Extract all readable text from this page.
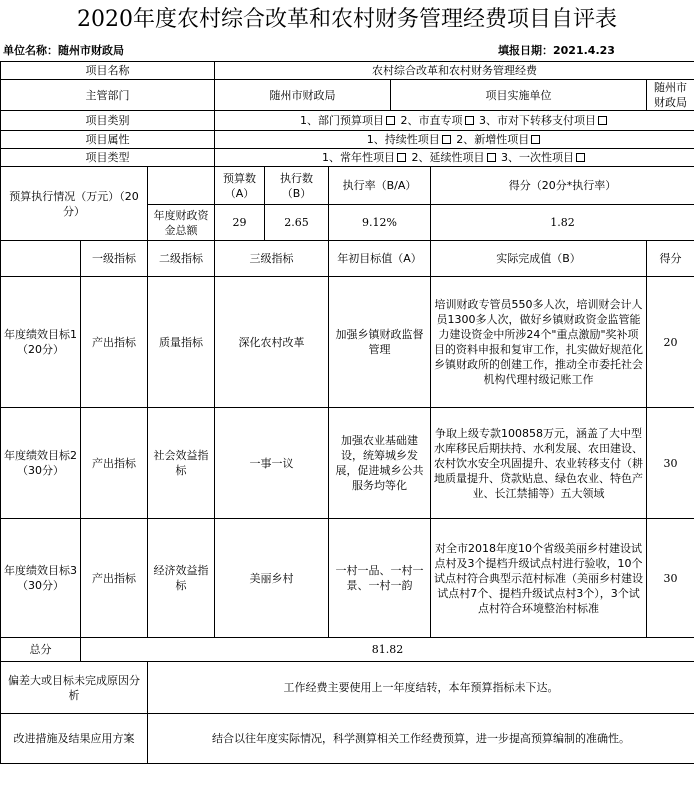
2020年度农村综合改革和农村财务管理经费项目自评表
单位名称：随州市财政局	填报日期：2021.4.23
项目名称			农村综合改革和农村财务管理经费					
主管部门			随州市财政局			项目实施单位		随州市财政局
项目类别			1、部门预算项目 2、市直专项 3、市对下转移支付项目					
项目属性			1、持续性项目 2、新增性项目					
项目类型			1、常年性项目 2、延续性项目 3、一次性项目					
预算执行情况（万元）（20分）			预算数（A）	执行数（B）	执行率（B/A）		得分（20分*执行率）	
		年度财政资金总额	29	2.65	9.12%		1.82	
	一级指标	二级指标	三级指标		年初目标值（A）		实际完成值（B）	得分
年度绩效目标1（20分）	产出指标	质量指标	深化农村改革		加强乡镇财政监督管理		培训财政专管员550多人次，培训财会计人员1300多人次，做好乡镇财政资金监管能力建设资金中所涉24个"重点激励"奖补项目的资料申报和复审工作，扎实做好规范化乡镇财政所的创建工作，推动全市委托社会机构代理村级记账工作	20
年度绩效目标2（30分）	产出指标	社会效益指标	一事一议		加强农业基础建设，统筹城乡发展，促进城乡公共服务均等化		争取上级专款100858万元，涵盖了大中型水库移民后期扶持、水利发展、农田建设、农村饮水安全巩固提升、农业转移支付（耕地质量提升、贷款贴息、绿色农业、特色产业、长江禁捕等）五大领域	30
年度绩效目标3（30分）	产出指标	经济效益指标	美丽乡村		一村一品、一村一景、一村一韵		对全市2018年度10个省级美丽乡村建设试点村及3个提档升级试点村进行验收，10个试点村符合典型示范村标准（美丽乡村建设试点村7个、提档升级试点村3个），3个试点村符合环境整治村标准	30
总分	81.82							
偏差大或目标未完成原因分析		工作经费主要使用上一年度结转，本年预算指标未下达。						
改进措施及结果应用方案		结合以往年度实际情况，科学测算相关工作经费预算，进一步提高预算编制的准确性。						
